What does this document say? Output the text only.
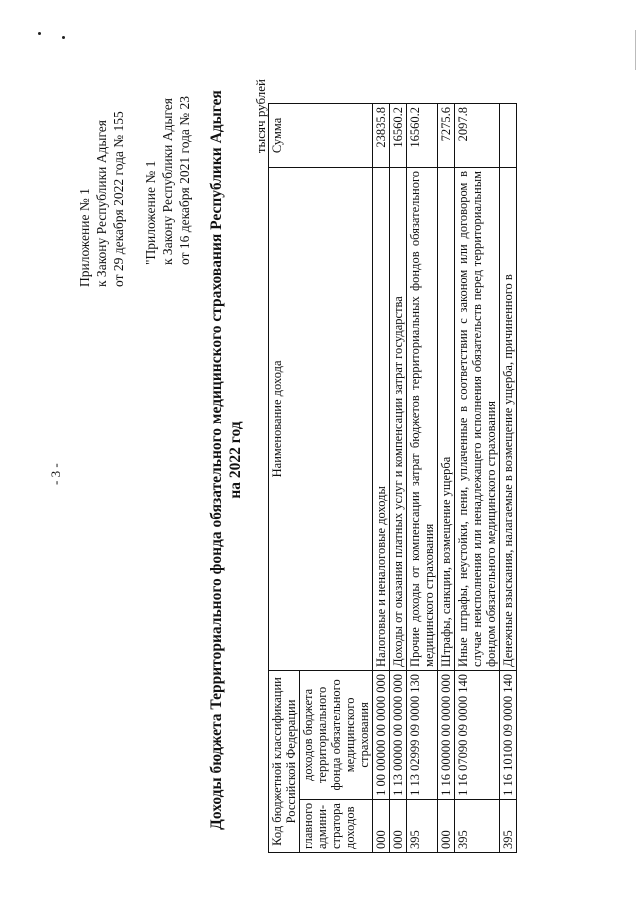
- 3 -
Приложение № 1 к Закону Республики Адыгея от 29 декабря 2022 года № 155 "Приложение № 1 к Закону Республики Адыгея от 16 декабря 2021 года № 23 Доходы бюджета Территориального фонда обязательного медицинского страхования Республики Адыгея на 2022 год
тысяч рублей
Код бюджетной классификации Российской Федерации		Наименование дохода	Сумма
главного админи-стратора доходов	доходов бюджета территориального фонда обязательного медицинского страхования		
000	1 00 00000 00 0000 000	Налоговые и неналоговые доходы	23835.8
000	1 13 00000 00 0000 000	Доходы от оказания платных услуг и компенсации затрат государства	16560.2
395	1 13 02999 09 0000 130	Прочие доходы от компенсации затрат бюджетов территориальных фондов обязательного медицинского страхования	16560.2
000	1 16 00000 00 0000 000	Штрафы, санкции, возмещение ущерба	7275.6
395	1 16 07090 09 0000 140	Иные штрафы, неустойки, пени, уплаченные в соответствии с законом или договором в случае неисполнения или ненадлежащего исполнения обязательств перед территориальным фондом обязательного медицинского страхования	2097.8
395	1 16 10100 09 0000 140	Денежные взыскания, налагаемые в возмещение ущерба, причиненного в	
